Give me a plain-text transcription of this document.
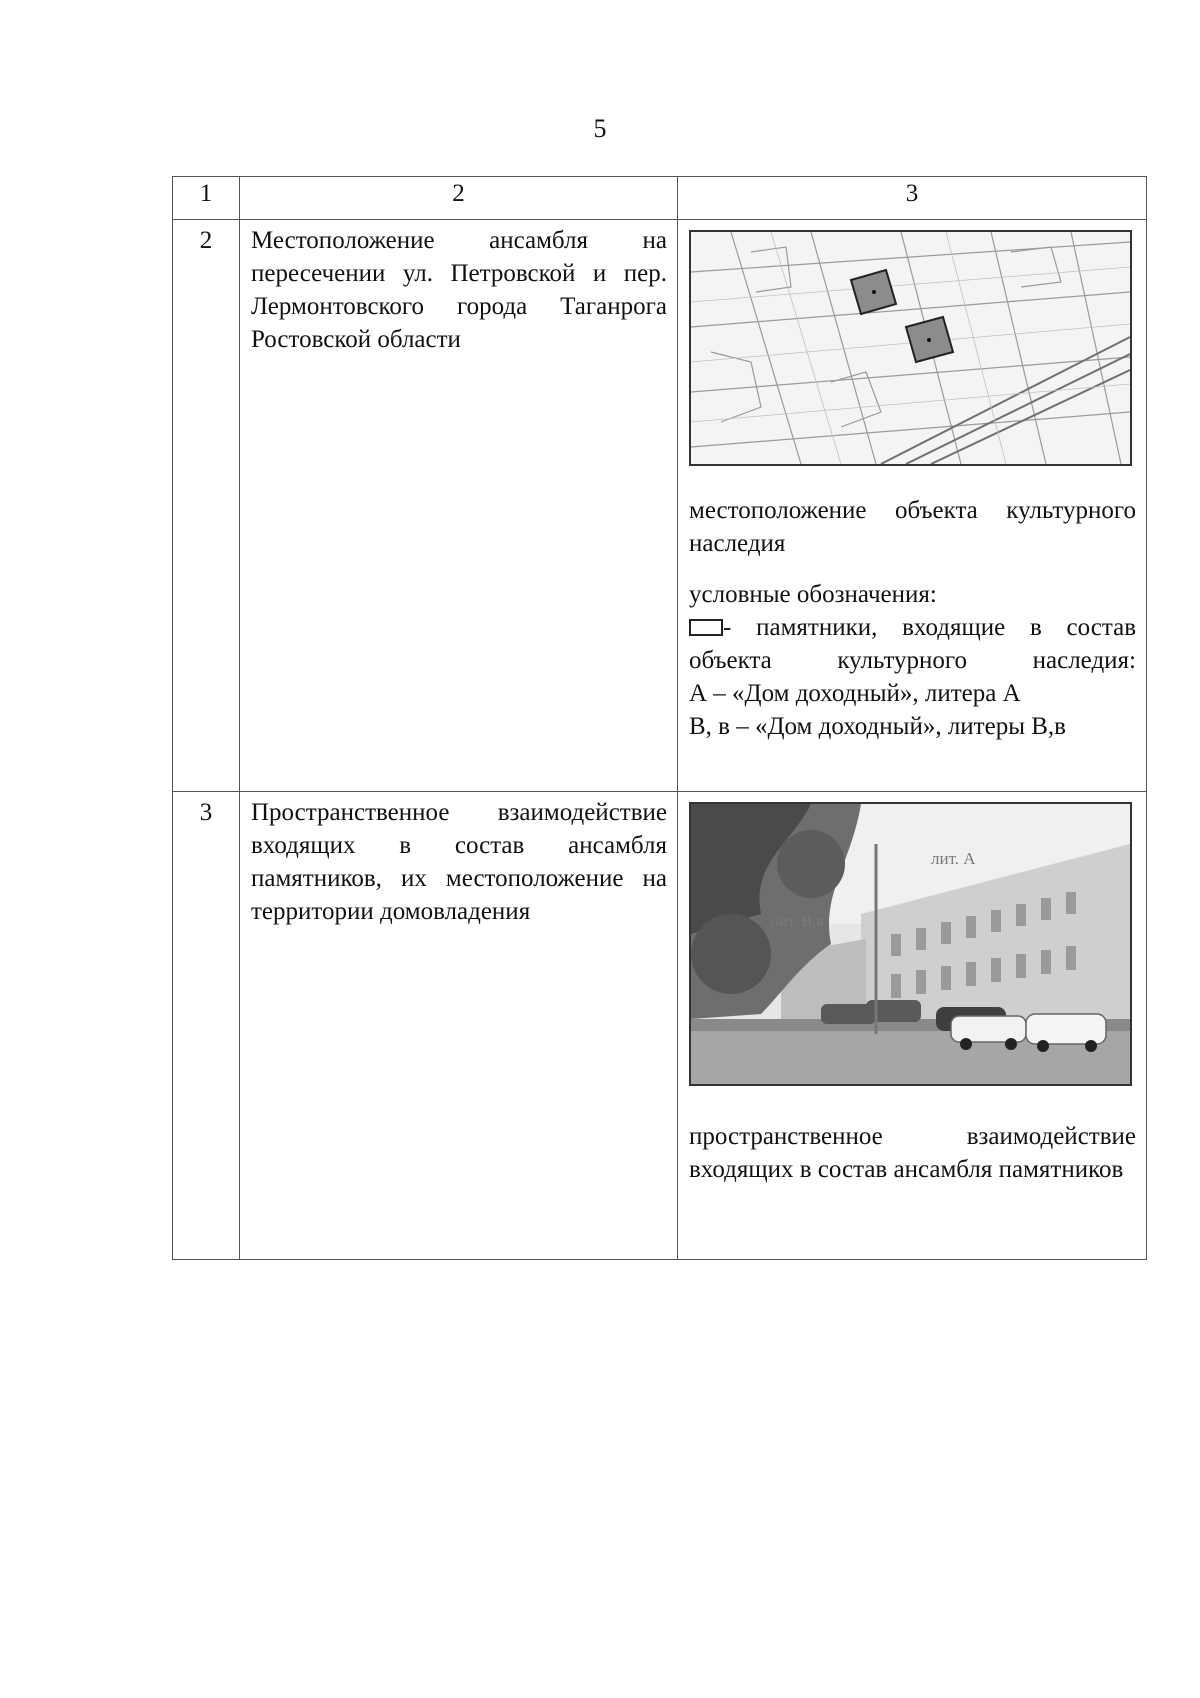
5
1	2	3
2	Местоположение ансамбля на пересечении ул. Петровской и пер. Лермонтовского города Таганрога Ростовской области	местоположение объекта культурного наследия

условные обозначения:

- памятники, входящие в состав объекта культурного наследия:

А – «Дом доходный», литера А

В, в – «Дом доходный», литеры В,в

3	Пространственное взаимодействие входящих в состав ансамбля памятников, их местоположение на территории домовладения	лит. А
лит. В,в

пространственное взаимодействие входящих в состав ансамбля памятников
